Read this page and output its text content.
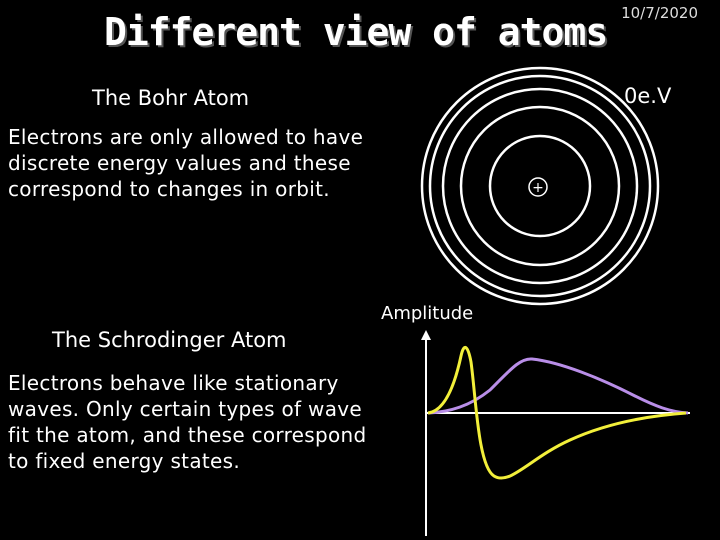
Different view of atoms 10/7/2020
The Bohr Atom
Electrons are only allowed to have discrete energy values and these correspond to changes in orbit.
0e.V
+
The Schrodinger Atom
Electrons behave like stationary waves. Only certain types of wave fit the atom, and these correspond to fixed energy states.
Amplitude
